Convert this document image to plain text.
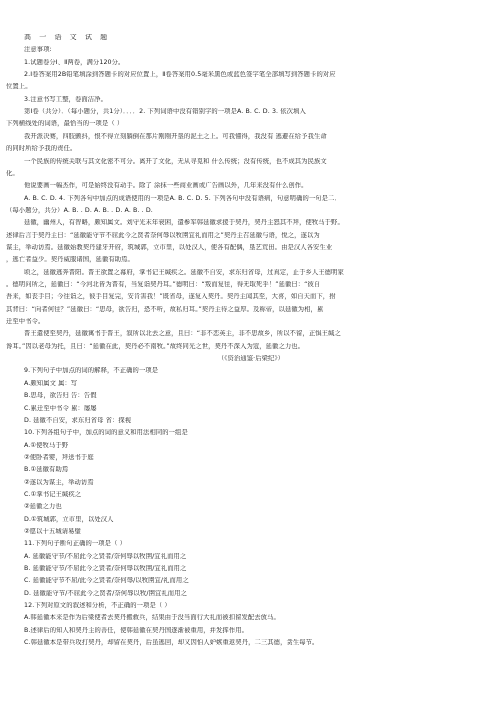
高 一 语 文 试 题
注意事项:
1.试题卷分Ⅰ、Ⅱ两卷，满分120分。
2.Ⅰ卷答案用2B铅笔填涂到答题卡的对应位置上，Ⅱ卷答案用0.5毫米黑色或蓝色签字笔全部填写到答题卡的对应
位置上。
3.注意书写工整，卷面洁净。
第Ⅰ卷（共分）．（每小题分，共1分）．．．．2. 下列词语中没有错别字的一项是A. B. C. D. 3. 依次填入
下列横线处的词语，最恰当的一项是（ ）
我开派决赛，四肢颤抖，恨不得立刻躺倒在那片刚刚开垦的泥土之上。可我懂得，我没有 逃避在给予我生命
的同时所给予我的责任。
一个民族的传统关联与其文化密不可分。离开了文化，无从寻觅和 什么传统；没有传统，也不成其为民族文
化。
他说要画一幅杰作，可是始终没有动手。除了 涂抹一些商业画或广告画以外，几年来没有什么创作。
A. B. C. D. 4. 下列各句中加点的成语使用的一项是A. B. C. D. 5. 下列各句中没有语病，句意明确的一句是二．
（每小题分，共分）A. B. . D. A. B. . D. A. B. . D.
延徽，幽州人，有智略，颇知属文。刘守光末年衰困，遣参军韩延徽求援于契丹，契丹主怒其不拜，使牧马于野。
述律后言于契丹主曰：“延徽能守节不屈此今之贤者奈何辱以牧圉宜礼而用之”契丹主召延徽与语，悦之，遂以为
谋主，举动访焉。延徽始教契丹建牙开府，筑城郭，立市里，以处汉人，使各有配偶，垦艺荒田。由是汉人各安生业
，逃亡者益少。契丹威服诸国，延徽有助焉。
顷之，延徽逃奔晋阳。晋王欲置之幕府，掌书记王缄疾之。延徽不自安，求东归省母，过真定，止于乡人王德明家
。德明问所之，延徽曰：“今河北皆为晋有，当复诣契丹耳。”德明曰：“叛而复往，得无取死乎！”延徽曰：“彼自
吾来，如丧手目；今往诣之，彼手目复完，安肯害我！”既省母，遂复入契丹。契丹主闻其至，大喜，如自天而下，拊
其背曰：“向者何往？”延徽曰：“思母，欲告归，恐不听，故私归耳。”契丹主待之益厚。及称帝，以延徽为相，累
迁至中书令。
晋王遣使至契丹，延徽寓书于晋王，叙所以北去之意，且曰：“非不恋英主，非不思故乡，所以不留，正惧王缄之
谗耳。”因以老母为托，且曰：“延徽在此，契丹必不南牧。”故终同光之世，契丹不深入为寇，延徽之力也。
（《资治通鉴·后梁纪》）
9.下列句子中加点的词的解释，不正确的一项是
A.颇知属文 属：写
B.思母，欲告归 告：告假
C.累迁至中书令 累：屡屡
D. 延徽不自安，求东归省母 省：探视
10.下列各组句子中，加点的词的意义和用法相同的一组是
A.①使牧马于野
②使卧者婴，拜送书于庭
B.①延徽有助焉
②遂以为谋主，举动访焉
C.①掌书记王缄疾之
②延徽之力也
D.①筑城郭，立市里，以处汉人
②愿以十五城请易璧
11.下列句子断句正确的一项是（ ）
A. 延徽能守节/不屈此今之贤者/奈何辱以牧圉/宜礼而用之
B. 延徽能守节/不屈此今之贤者/奈何辱以牧圉/宜礼而用之
C. 延徽能守节不屈/此今之贤者/奈何辱/以牧圉宜/礼而用之
D. 延徽能守节/不屈此今之贤者/奈何辱以牧/圉宜礼而用之
12.下列对原文的叙述和分析，不正确的一项是（ ）
A.韩延徽本来是作为后梁使者去契丹搬救兵，结果由于没当面行大礼而被扣留发配去放马。
B.述律后的知人和契丹主的善任，使韩延徽在契丹国逐渐被重用，并发挥作用。
C.韩延徽本是带兵攻打契丹，却留在契丹，后虽逃回，却又因怕人妒嫉重返契丹，二三其德，贪生每节。
